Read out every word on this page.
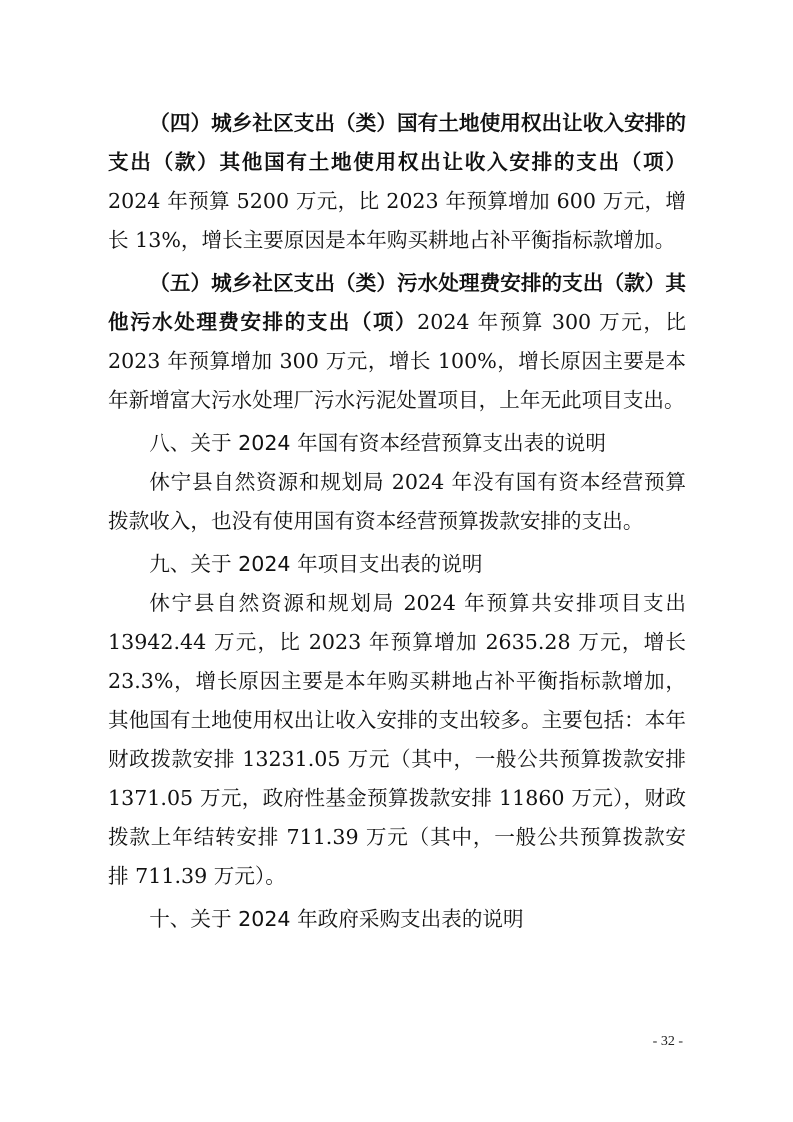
（四）城乡社区支出（类）国有土地使用权出让收入安排的支出（款）其他国有土地使用权出让收入安排的支出（项）2024 年预算 5200 万元，比 2023 年预算增加 600 万元，增长 13%，增长主要原因是本年购买耕地占补平衡指标款增加。

（五）城乡社区支出（类）污水处理费安排的支出（款）其他污水处理费安排的支出（项）2024 年预算 300 万元，比 2023 年预算增加 300 万元，增长 100%，增长原因主要是本年新增富大污水处理厂污水污泥处置项目，上年无此项目支出。

八、关于 2024 年国有资本经营预算支出表的说明

休宁县自然资源和规划局 2024 年没有国有资本经营预算拨款收入，也没有使用国有资本经营预算拨款安排的支出。

九、关于 2024 年项目支出表的说明

休宁县自然资源和规划局 2024 年预算共安排项目支出 13942.44 万元，比 2023 年预算增加 2635.28 万元，增长 23.3%，增长原因主要是本年购买耕地占补平衡指标款增加，其他国有土地使用权出让收入安排的支出较多。主要包括：本年财政拨款安排 13231.05 万元（其中，一般公共预算拨款安排 1371.05 万元，政府性基金预算拨款安排 11860 万元），财政拨款上年结转安排 711.39 万元（其中，一般公共预算拨款安排 711.39 万元）。

十、关于 2024 年政府采购支出表的说明

- 32 -
